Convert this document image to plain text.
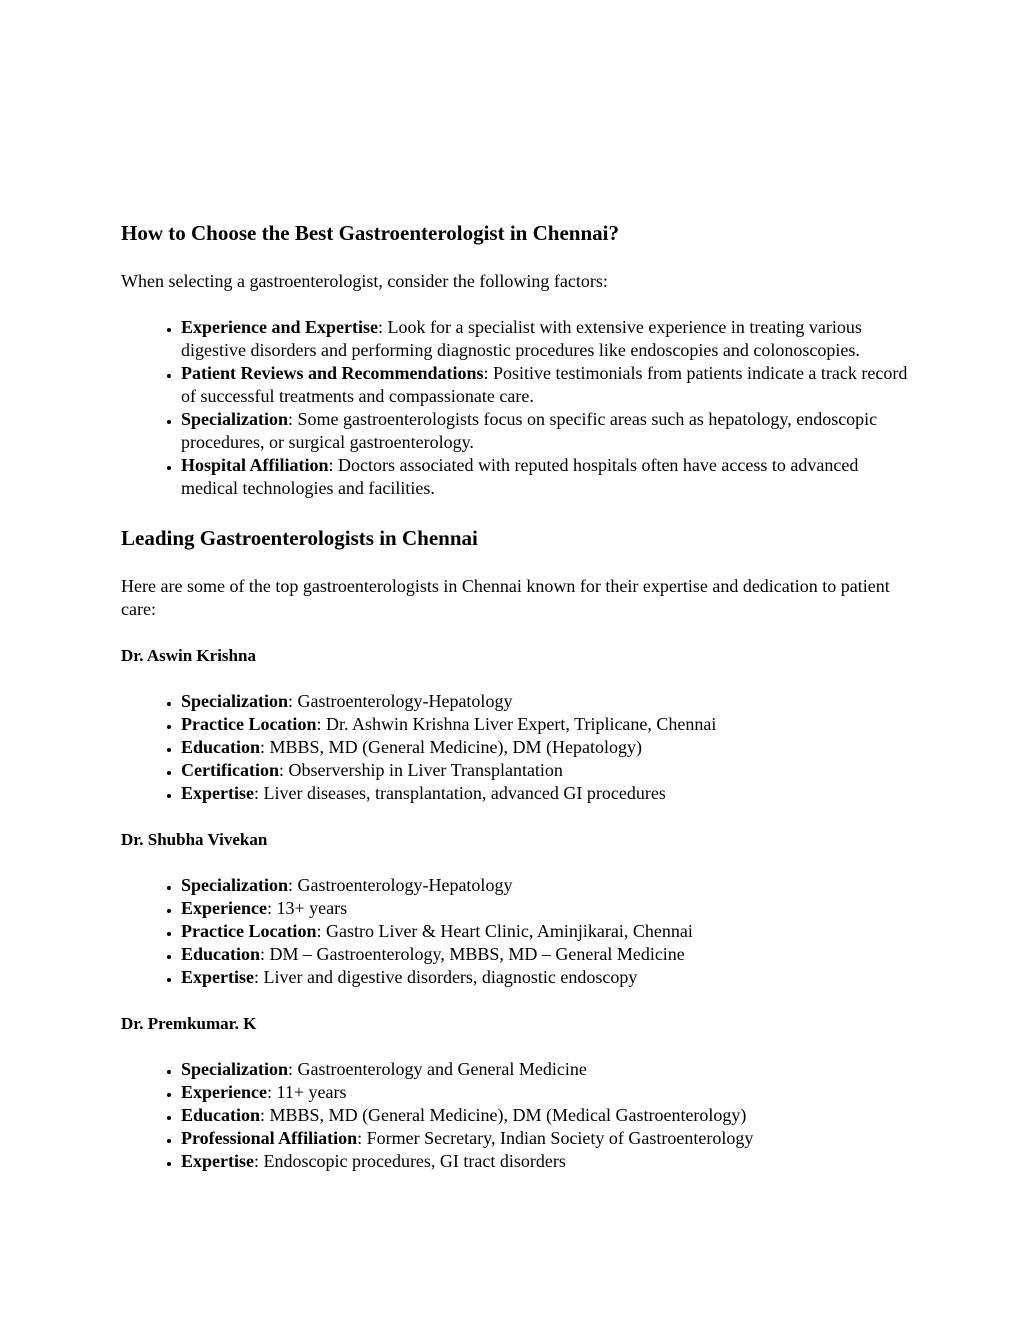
How to Choose the Best Gastroenterologist in Chennai?

When selecting a gastroenterologist, consider the following factors:

• Experience and Expertise: Look for a specialist with extensive experience in treating various digestive disorders and performing diagnostic procedures like endoscopies and colonoscopies.
• Patient Reviews and Recommendations: Positive testimonials from patients indicate a track record of successful treatments and compassionate care.
• Specialization: Some gastroenterologists focus on specific areas such as hepatology, endoscopic procedures, or surgical gastroenterology.
• Hospital Affiliation: Doctors associated with reputed hospitals often have access to advanced medical technologies and facilities.
Leading Gastroenterologists in Chennai

Here are some of the top gastroenterologists in Chennai known for their expertise and dedication to patient care:

Dr. Aswin Krishna
• Specialization: Gastroenterology-Hepatology
• Practice Location: Dr. Ashwin Krishna Liver Expert, Triplicane, Chennai
• Education: MBBS, MD (General Medicine), DM (Hepatology)
• Certification: Observership in Liver Transplantation
• Expertise: Liver diseases, transplantation, advanced GI procedures
Dr. Shubha Vivekan
• Specialization: Gastroenterology-Hepatology
• Experience: 13+ years
• Practice Location: Gastro Liver & Heart Clinic, Aminjikarai, Chennai
• Education: DM – Gastroenterology, MBBS, MD – General Medicine
• Expertise: Liver and digestive disorders, diagnostic endoscopy
Dr. Premkumar. K
• Specialization: Gastroenterology and General Medicine
• Experience: 11+ years
• Education: MBBS, MD (General Medicine), DM (Medical Gastroenterology)
• Professional Affiliation: Former Secretary, Indian Society of Gastroenterology
• Expertise: Endoscopic procedures, GI tract disorders
